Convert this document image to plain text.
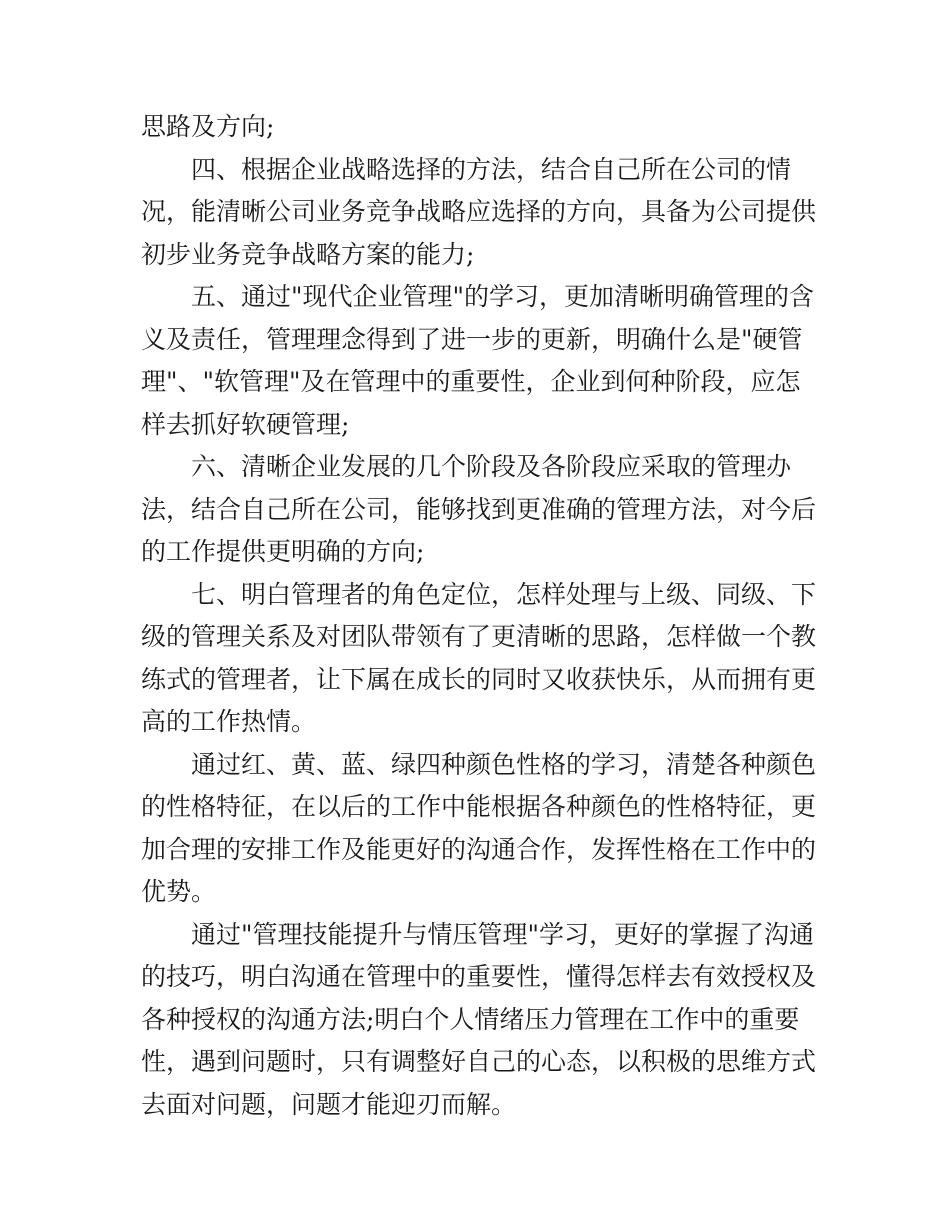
思路及方向;
四、根据企业战略选择的方法，结合自己所在公司的情
况，能清晰公司业务竞争战略应选择的方向，具备为公司提供
初步业务竞争战略方案的能力;
五、通过"现代企业管理"的学习，更加清晰明确管理的含
义及责任，管理理念得到了进一步的更新，明确什么是"硬管
理"、"软管理"及在管理中的重要性，企业到何种阶段，应怎
样去抓好软硬管理;
六、清晰企业发展的几个阶段及各阶段应采取的管理办
法，结合自己所在公司，能够找到更准确的管理方法，对今后
的工作提供更明确的方向;
七、明白管理者的角色定位，怎样处理与上级、同级、下
级的管理关系及对团队带领有了更清晰的思路，怎样做一个教
练式的管理者，让下属在成长的同时又收获快乐，从而拥有更
高的工作热情。
通过红、黄、蓝、绿四种颜色性格的学习，清楚各种颜色
的性格特征，在以后的工作中能根据各种颜色的性格特征，更
加合理的安排工作及能更好的沟通合作，发挥性格在工作中的
优势。
通过"管理技能提升与情压管理"学习，更好的掌握了沟通
的技巧，明白沟通在管理中的重要性，懂得怎样去有效授权及
各种授权的沟通方法;明白个人情绪压力管理在工作中的重要
性，遇到问题时，只有调整好自己的心态，以积极的思维方式
去面对问题，问题才能迎刃而解。
